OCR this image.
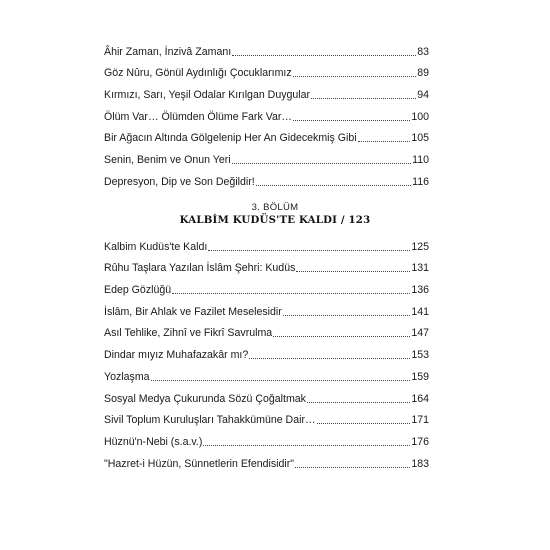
Âhir Zaman, İnzivâ Zamanı	83
Göz Nûru, Gönül Aydınlığı Çocuklarımız	89
Kırmızı, Sarı, Yeşil Odalar Kırılgan Duygular	94
Ölüm Var… Ölümden Ölüme Fark Var…	100
Bir Ağacın Altında Gölgelenip Her An Gidecekmiş Gibi	105
Senin, Benim ve Onun Yeri	110
Depresyon, Dip ve Son Değildir!	116
3. BÖLÜM
KALBİM KUDÜS'TE KALDI / 123
Kalbim Kudüs'te Kaldı	125
Rûhu Taşlara Yazılan İslâm Şehri: Kudüs	131
Edep Gözlüğü	136
İslâm, Bir Ahlak ve Fazilet Meselesidir	141
Asıl Tehlike, Zihnî ve Fikrî Savrulma	147
Dindar mıyız Muhafazakâr mı?	153
Yozlaşma	159
Sosyal Medya Çukurunda Sözü Çoğaltmak	164
Sivil Toplum Kuruluşları Tahakkümüne Dair…	171
Hüznü'n-Nebi (s.a.v.)	176
"Hazret-i Hüzün, Sünnetlerin Efendisidir"	183
